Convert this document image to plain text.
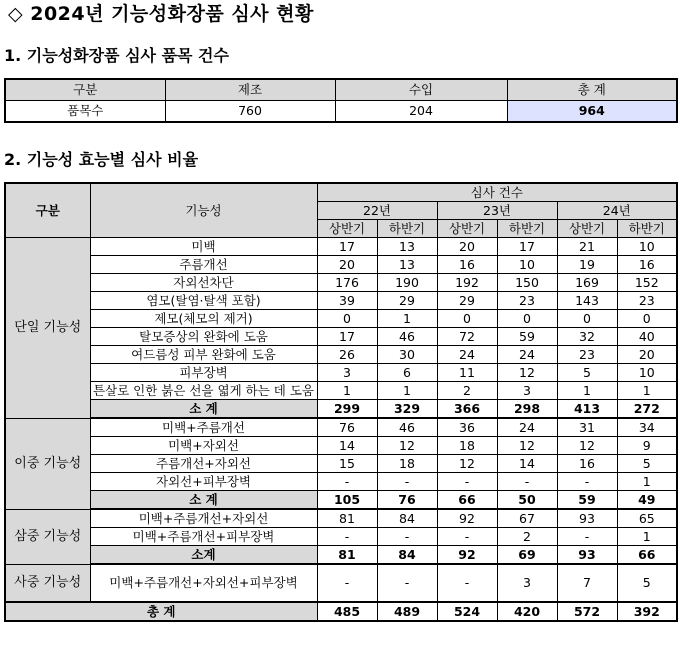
◇ 2024년 기능성화장품 심사 현황
1. 기능성화장품 심사 품목 건수
구분	제조	수입	총 계
품목수	760	204	964
2. 기능성 효능별 심사 비율
구분	기능성	심사 건수					
		22년		23년		24년	
		상반기	하반기	상반기	하반기	상반기	하반기
단일 기능성	미백	17	13	20	17	21	10
	주름개선	20	13	16	10	19	16
	자외선차단	176	190	192	150	169	152
	염모(탈염·탈색 포함)	39	29	29	23	143	23
	제모(체모의 제거)	0	1	0	0	0	0
	탈모증상의 완화에 도움	17	46	72	59	32	40
	여드름성 피부 완화에 도움	26	30	24	24	23	20
	피부장벽	3	6	11	12	5	10
	튼살로 인한 붉은 선을 엷게 하는 데 도움	1	1	2	3	1	1
	소 계	299	329	366	298	413	272
이중 기능성	미백+주름개선	76	46	36	24	31	34
	미백+자외선	14	12	18	12	12	9
	주름개선+자외선	15	18	12	14	16	5
	자외선+피부장벽	-	-	-	-	-	1
	소 계	105	76	66	50	59	49
삼중 기능성	미백+주름개선+자외선	81	84	92	67	93	65
	미백+주름개선+피부장벽	-	-	-	2	-	1
	소계	81	84	92	69	93	66
사중 기능성	미백+주름개선+자외선+피부장벽	-	-	-	3	7	5
총 계		485	489	524	420	572	392
